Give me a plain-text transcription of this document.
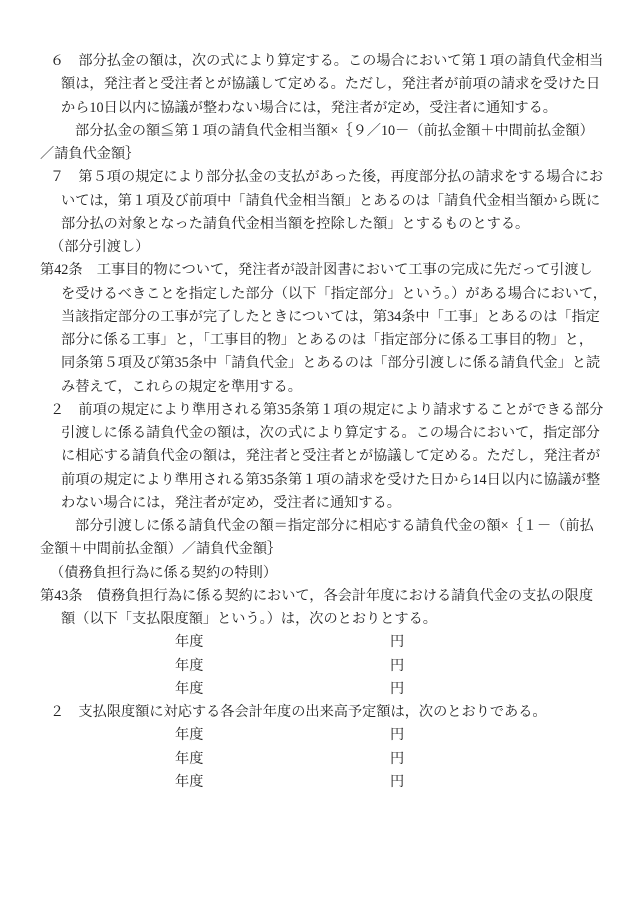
６　部分払金の額は，次の式により算定する。この場合において第１項の請負代金相当
額は，発注者と受注者とが協議して定める。ただし，発注者が前項の請求を受けた日
から10日以内に協議が整わない場合には，発注者が定め，受注者に通知する。
部分払金の額≦第１項の請負代金相当額×｛９／10－（前払金額＋中間前払金額）
／請負代金額｝
７　第５項の規定により部分払金の支払があった後，再度部分払の請求をする場合にお
いては，第１項及び前項中「請負代金相当額」とあるのは「請負代金相当額から既に
部分払の対象となった請負代金相当額を控除した額」とするものとする。
（部分引渡し）
第42条　工事目的物について，発注者が設計図書において工事の完成に先だって引渡し
を受けるべきことを指定した部分（以下「指定部分」という。）がある場合において，
当該指定部分の工事が完了したときについては，第34条中「工事」とあるのは「指定
部分に係る工事」と，「工事目的物」とあるのは「指定部分に係る工事目的物」と，
同条第５項及び第35条中「請負代金」とあるのは「部分引渡しに係る請負代金」と読
み替えて，これらの規定を準用する。
２　前項の規定により準用される第35条第１項の規定により請求することができる部分
引渡しに係る請負代金の額は，次の式により算定する。この場合において，指定部分
に相応する請負代金の額は，発注者と受注者とが協議して定める。ただし，発注者が
前項の規定により準用される第35条第１項の請求を受けた日から14日以内に協議が整
わない場合には，発注者が定め，受注者に通知する。
部分引渡しに係る請負代金の額＝指定部分に相応する請負代金の額×｛１－（前払
金額＋中間前払金額）／請負代金額｝
（債務負担行為に係る契約の特則）
第43条　債務負担行為に係る契約において，各会計年度における請負代金の支払の限度
額（以下「支払限度額」という。）は，次のとおりとする。
年度	円
年度	円
年度	円
２　支払限度額に対応する各会計年度の出来高予定額は，次のとおりである。
年度	円
年度	円
年度	円
